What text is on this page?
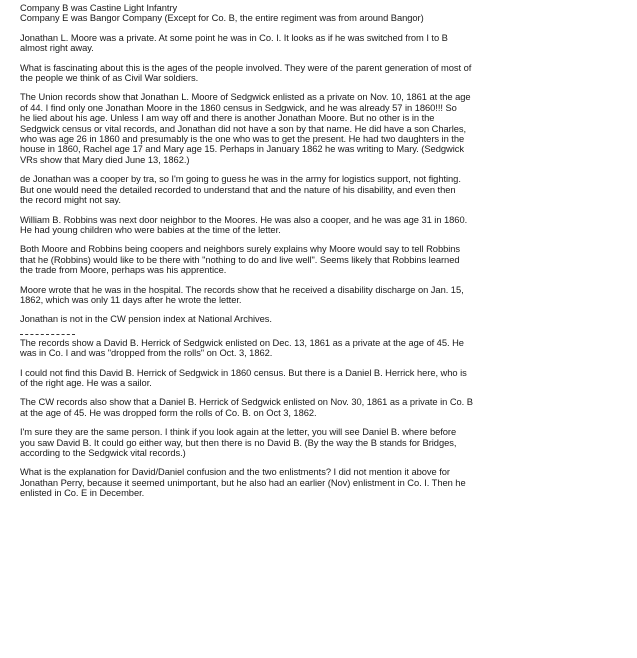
Company B was Castine Light Infantry
Company E was Bangor Company (Except for Co. B, the entire regiment was from around Bangor)
Jonathan L. Moore was a private. At some point he was in Co. I. It looks as if he was switched from I to B
almost right away.
What is fascinating about this is the ages of the people involved. They were of the parent generation of most of
the people we think of as Civil War soldiers.
The Union records show that Jonathan L. Moore of Sedgwick enlisted as a private on Nov. 10, 1861 at the age
of 44. I find only one Jonathan Moore in the 1860 census in Sedgwick, and he was already 57 in 1860!!! So
he lied about his age. Unless I am way off and there is another Jonathan Moore. But no other is in the
Sedgwick census or vital records, and Jonathan did not have a son by that name. He did have a son Charles,
who was age 26 in 1860 and presumably is the one who was to get the present. He had two daughters in the
house in 1860, Rachel age 17 and Mary age 15. Perhaps in January 1862 he was writing to Mary. (Sedgwick
VRs show that Mary died June 13, 1862.)
de Jonathan was a cooper by tra, so I'm going to guess he was in the army for logistics support, not fighting.
But one would need the detailed recorded to understand that and the nature of his disability, and even then
the record might not say.
William B. Robbins was next door neighbor to the Moores. He was also a cooper, and he was age 31 in 1860.
He had young children who were babies at the time of the letter.
Both Moore and Robbins being coopers and neighbors surely explains why Moore would say to tell Robbins
that he (Robbins) would like to be there with "nothing to do and live well". Seems likely that Robbins learned
the trade from Moore, perhaps was his apprentice.
Moore wrote that he was in the hospital. The records show that he received a disability discharge on Jan. 15,
1862, which was only 11 days after he wrote the letter.
Jonathan is not in the CW pension index at National Archives.
The records show a David B. Herrick of Sedgwick enlisted on Dec. 13, 1861 as a private at the age of 45. He
was in Co. I and was "dropped from the rolls" on Oct. 3, 1862.
I could not find this David B. Herrick of Sedgwick in 1860 census. But there is a Daniel B. Herrick here, who is
of the right age. He was a sailor.
The CW records also show that a Daniel B. Herrick of Sedgwick enlisted on Nov. 30, 1861 as a private in Co. B
at the age of 45. He was dropped form the rolls of Co. B. on Oct 3, 1862.
I'm sure they are the same person. I think if you look again at the letter, you will see Daniel B. where before
you saw David B. It could go either way, but then there is no David B. (By the way the B stands for Bridges,
according to the Sedgwick vital records.)
What is the explanation for David/Daniel confusion and the two enlistments? I did not mention it above for
Jonathan Perry, because it seemed unimportant, but he also had an earlier (Nov) enlistment in Co. I. Then he
enlisted in Co. E in December.
